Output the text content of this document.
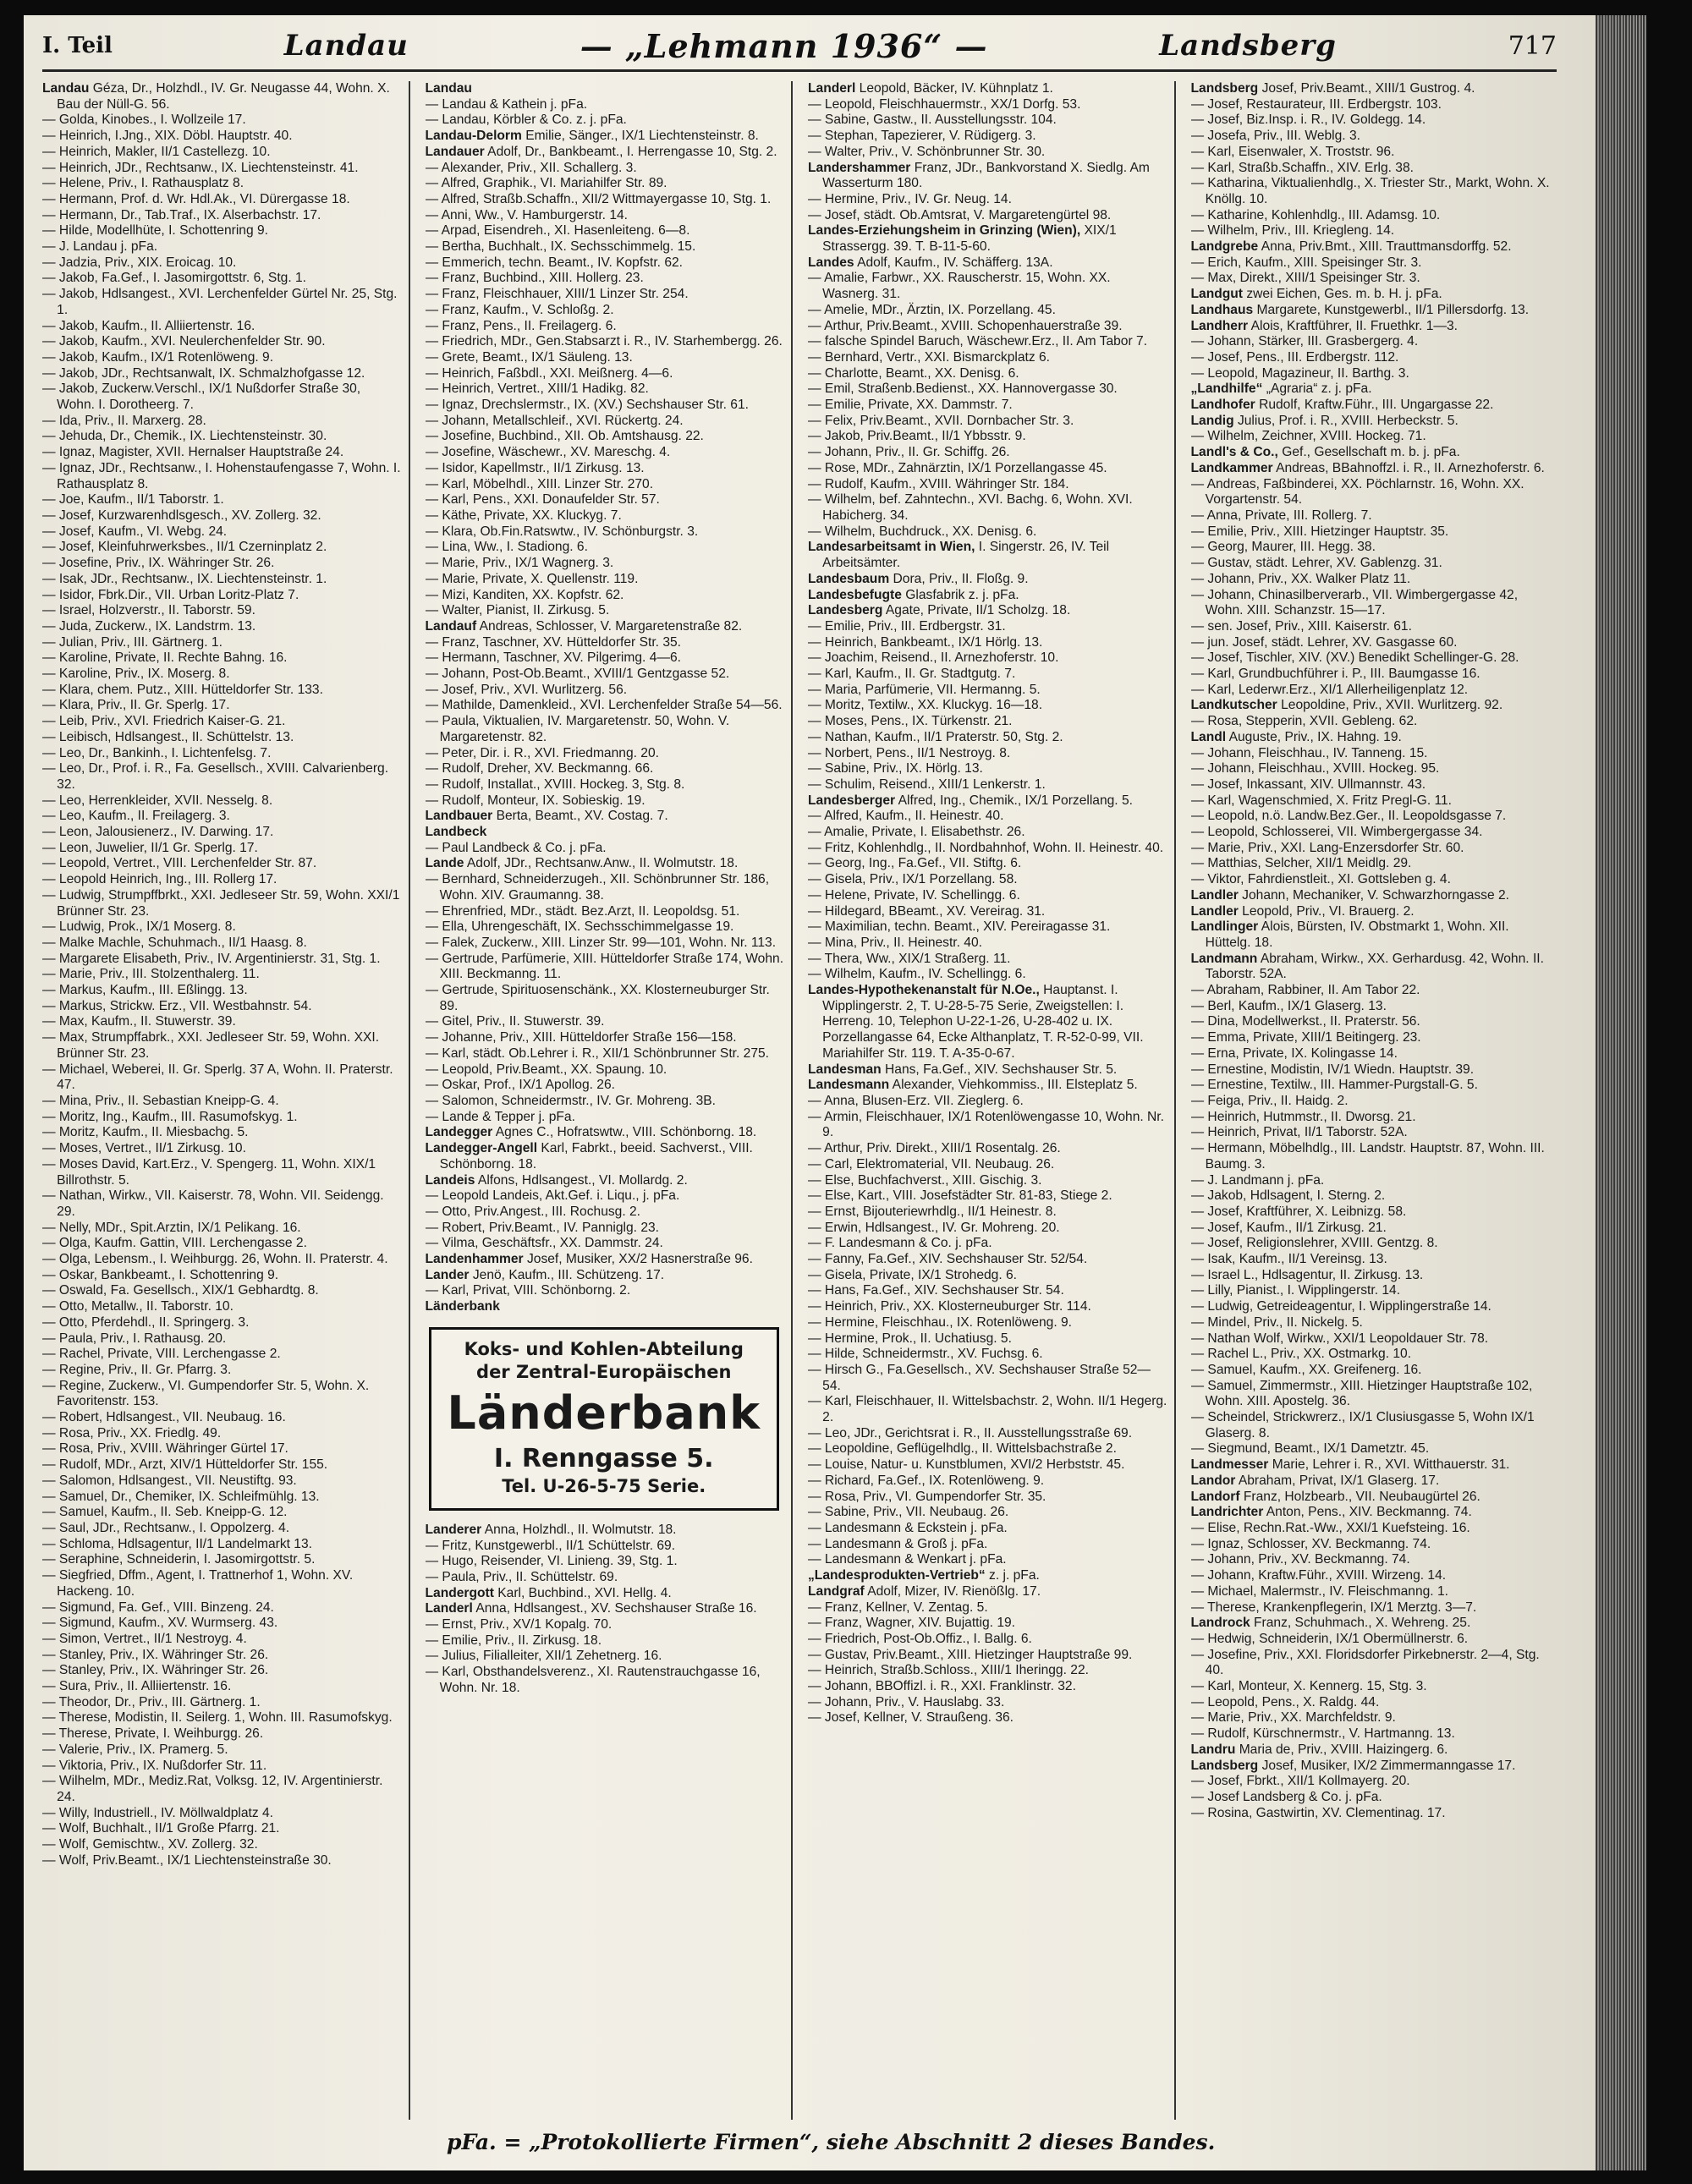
I. Teil	Landau	— „Lehmann 1936“ —	Landsberg	717

Landau Géza, Dr., Holzhdl., IV. Gr. Neugasse 44, Wohn. X. Bau der Nüll-G. 56.

— Golda, Kinobes., I. Wollzeile 17.

— Heinrich, I.Jng., XIX. Döbl. Hauptstr. 40.

— Heinrich, Makler, II/1 Castellezg. 10.

— Heinrich, JDr., Rechtsanw., IX. Liechtensteinstr. 41.

— Helene, Priv., I. Rathausplatz 8.

— Hermann, Prof. d. Wr. Hdl.Ak., VI. Dürergasse 18.

— Hermann, Dr., Tab.Traf., IX. Alserbachstr. 17.

— Hilde, Modellhüte, I. Schottenring 9.

— J. Landau j. pFa.

— Jadzia, Priv., XIX. Eroicag. 10.

— Jakob, Fa.Gef., I. Jasomirgottstr. 6, Stg. 1.

— Jakob, Hdlsangest., XVI. Lerchenfelder Gürtel Nr. 25, Stg. 1.

— Jakob, Kaufm., II. Alliiertenstr. 16.

— Jakob, Kaufm., XVI. Neulerchenfelder Str. 90.

— Jakob, Kaufm., IX/1 Rotenlöweng. 9.

— Jakob, JDr., Rechtsanwalt, IX. Schmalzhofgasse 12.

— Jakob, Zuckerw.Verschl., IX/1 Nußdorfer Straße 30, Wohn. I. Dorotheerg. 7.

— Ida, Priv., II. Marxerg. 28.

— Jehuda, Dr., Chemik., IX. Liechtensteinstr. 30.

— Ignaz, Magister, XVII. Hernalser Hauptstraße 24.

— Ignaz, JDr., Rechtsanw., I. Hohenstaufengasse 7, Wohn. I. Rathausplatz 8.

— Joe, Kaufm., II/1 Taborstr. 1.

— Josef, Kurzwarenhdlsgesch., XV. Zollerg. 32.

— Josef, Kaufm., VI. Webg. 24.

— Josef, Kleinfuhrwerksbes., II/1 Czerninplatz 2.

— Josefine, Priv., IX. Währinger Str. 26.

— Isak, JDr., Rechtsanw., IX. Liechtensteinstr. 1.

— Isidor, Fbrk.Dir., VII. Urban Loritz-Platz 7.

— Israel, Holzverstr., II. Taborstr. 59.

— Juda, Zuckerw., IX. Landstrm. 13.

— Julian, Priv., III. Gärtnerg. 1.

— Karoline, Private, II. Rechte Bahng. 16.

— Karoline, Priv., IX. Moserg. 8.

— Klara, chem. Putz., XIII. Hütteldorfer Str. 133.

— Klara, Priv., II. Gr. Sperlg. 17.

— Leib, Priv., XVI. Friedrich Kaiser-G. 21.

— Leibisch, Hdlsangest., II. Schüttelstr. 13.

— Leo, Dr., Bankinh., I. Lichtenfelsg. 7.

— Leo, Dr., Prof. i. R., Fa. Gesellsch., XVIII. Calvarienberg. 32.

— Leo, Herrenkleider, XVII. Nesselg. 8.

— Leo, Kaufm., II. Freilagerg. 3.

— Leon, Jalousienerz., IV. Darwing. 17.

— Leon, Juwelier, II/1 Gr. Sperlg. 17.

— Leopold, Vertret., VIII. Lerchenfelder Str. 87.

— Leopold Heinrich, Ing., III. Rollerg 17.

— Ludwig, Strumpffbrkt., XXI. Jedleseer Str. 59, Wohn. XXI/1 Brünner Str. 23.

— Ludwig, Prok., IX/1 Moserg. 8.

— Malke Machle, Schuhmach., II/1 Haasg. 8.

— Margarete Elisabeth, Priv., IV. Argentinierstr. 31, Stg. 1.

— Marie, Priv., III. Stolzenthalerg. 11.

— Markus, Kaufm., III. Eßlingg. 13.

— Markus, Strickw. Erz., VII. Westbahnstr. 54.

— Max, Kaufm., II. Stuwerstr. 39.

— Max, Strumpffabrk., XXI. Jedleseer Str. 59, Wohn. XXI. Brünner Str. 23.

— Michael, Weberei, II. Gr. Sperlg. 37 A, Wohn. II. Praterstr. 47.

— Mina, Priv., II. Sebastian Kneipp-G. 4.

— Moritz, Ing., Kaufm., III. Rasumofskyg. 1.

— Moritz, Kaufm., II. Miesbachg. 5.

— Moses, Vertret., II/1 Zirkusg. 10.

— Moses David, Kart.Erz., V. Spengerg. 11, Wohn. XIX/1 Billrothstr. 5.

— Nathan, Wirkw., VII. Kaiserstr. 78, Wohn. VII. Seidengg. 29.

— Nelly, MDr., Spit.Arztin, IX/1 Pelikang. 16.

— Olga, Kaufm. Gattin, VIII. Lerchengasse 2.

— Olga, Lebensm., I. Weihburgg. 26, Wohn. II. Praterstr. 4.

— Oskar, Bankbeamt., I. Schottenring 9.

— Oswald, Fa. Gesellsch., XIX/1 Gebhardtg. 8.

— Otto, Metallw., II. Taborstr. 10.

— Otto, Pferdehdl., II. Springerg. 3.

— Paula, Priv., I. Rathausg. 20.

— Rachel, Private, VIII. Lerchengasse 2.

— Regine, Priv., II. Gr. Pfarrg. 3.

— Regine, Zuckerw., VI. Gumpendorfer Str. 5, Wohn. X. Favoritenstr. 153.

— Robert, Hdlsangest., VII. Neubaug. 16.

— Rosa, Priv., XX. Friedlg. 49.

— Rosa, Priv., XVIII. Währinger Gürtel 17.

— Rudolf, MDr., Arzt, XIV/1 Hütteldorfer Str. 155.

— Salomon, Hdlsangest., VII. Neustiftg. 93.

— Samuel, Dr., Chemiker, IX. Schleifmühlg. 13.

— Samuel, Kaufm., II. Seb. Kneipp-G. 12.

— Saul, JDr., Rechtsanw., I. Oppolzerg. 4.

— Schloma, Hdlsagentur, II/1 Landelmarkt 13.

— Seraphine, Schneiderin, I. Jasomirgottstr. 5.

— Siegfried, Dffm., Agent, I. Trattnerhof 1, Wohn. XV. Hackeng. 10.

— Sigmund, Fa. Gef., VIII. Binzeng. 24.

— Sigmund, Kaufm., XV. Wurmserg. 43.

— Simon, Vertret., II/1 Nestroyg. 4.

— Stanley, Priv., IX. Währinger Str. 26.

— Stanley, Priv., IX. Währinger Str. 26.

— Sura, Priv., II. Alliiertenstr. 16.

— Theodor, Dr., Priv., III. Gärtnerg. 1.

— Therese, Modistin, II. Seilerg. 1, Wohn. III. Rasumofskyg.

— Therese, Private, I. Weihburgg. 26.

— Valerie, Priv., IX. Pramerg. 5.

— Viktoria, Priv., IX. Nußdorfer Str. 11.

— Wilhelm, MDr., Mediz.Rat, Volksg. 12, IV. Argentinierstr. 24.

— Willy, Industriell., IV. Möllwaldplatz 4.

— Wolf, Buchhalt., II/1 Große Pfarrg. 21.

— Wolf, Gemischtw., XV. Zollerg. 32.

— Wolf, Priv.Beamt., IX/1 Liechtensteinstraße 30.

Landau

— Landau & Kathein j. pFa.

— Landau, Körbler & Co. z. j. pFa.

Landau-Delorm Emilie, Sänger., IX/1 Liechtensteinstr. 8.

Landauer Adolf, Dr., Bankbeamt., I. Herrengasse 10, Stg. 2.

— Alexander, Priv., XII. Schallerg. 3.

— Alfred, Graphik., VI. Mariahilfer Str. 89.

— Alfred, Straßb.Schaffn., XII/2 Wittmayergasse 10, Stg. 1.

— Anni, Ww., V. Hamburgerstr. 14.

— Arpad, Eisendreh., XI. Hasenleiteng. 6—8.

— Bertha, Buchhalt., IX. Sechsschimmelg. 15.

— Emmerich, techn. Beamt., IV. Kopfstr. 62.

— Franz, Buchbind., XIII. Hollerg. 23.

— Franz, Fleischhauer, XIII/1 Linzer Str. 254.

— Franz, Kaufm., V. Schloßg. 2.

— Franz, Pens., II. Freilagerg. 6.

— Friedrich, MDr., Gen.Stabsarzt i. R., IV. Starhembergg. 26.

— Grete, Beamt., IX/1 Säuleng. 13.

— Heinrich, Faßbdl., XXI. Meißnerg. 4—6.

— Heinrich, Vertret., XIII/1 Hadikg. 82.

— Ignaz, Drechslermstr., IX. (XV.) Sechshauser Str. 61.

— Johann, Metallschleif., XVI. Rückertg. 24.

— Josefine, Buchbind., XII. Ob. Amtshausg. 22.

— Josefine, Wäschewr., XV. Mareschg. 4.

— Isidor, Kapellmstr., II/1 Zirkusg. 13.

— Karl, Möbelhdl., XIII. Linzer Str. 270.

— Karl, Pens., XXI. Donaufelder Str. 57.

— Käthe, Private, XX. Kluckyg. 7.

— Klara, Ob.Fin.Ratswtw., IV. Schönburgstr. 3.

— Lina, Ww., I. Stadiong. 6.

— Marie, Priv., IX/1 Wagnerg. 3.

— Marie, Private, X. Quellenstr. 119.

— Mizi, Kanditen, XX. Kopfstr. 62.

— Walter, Pianist, II. Zirkusg. 5.

Landauf Andreas, Schlosser, V. Margaretenstraße 82.

— Franz, Taschner, XV. Hütteldorfer Str. 35.

— Hermann, Taschner, XV. Pilgerimg. 4—6.

— Johann, Post-Ob.Beamt., XVIII/1 Gentzgasse 52.

— Josef, Priv., XVI. Wurlitzerg. 56.

— Mathilde, Damenkleid., XVI. Lerchenfelder Straße 54—56.

— Paula, Viktualien, IV. Margaretenstr. 50, Wohn. V. Margaretenstr. 82.

— Peter, Dir. i. R., XVI. Friedmanng. 20.

— Rudolf, Dreher, XV. Beckmanng. 66.

— Rudolf, Installat., XVIII. Hockeg. 3, Stg. 8.

— Rudolf, Monteur, IX. Sobieskig. 19.

Landbauer Berta, Beamt., XV. Costag. 7.

Landbeck

— Paul Landbeck & Co. j. pFa.

Lande Adolf, JDr., Rechtsanw.Anw., II. Wolmutstr. 18.

— Bernhard, Schneiderzugeh., XII. Schönbrunner Str. 186, Wohn. XIV. Graumanng. 38.

— Ehrenfried, MDr., städt. Bez.Arzt, II. Leopoldsg. 51.

— Ella, Uhrengeschäft, IX. Sechsschimmelgasse 19.

— Falek, Zuckerw., XIII. Linzer Str. 99—101, Wohn. Nr. 113.

— Gertrude, Parfümerie, XIII. Hütteldorfer Straße 174, Wohn. XIII. Beckmanng. 11.

— Gertrude, Spirituosenschänk., XX. Klosterneuburger Str. 89.

— Gitel, Priv., II. Stuwerstr. 39.

— Johanne, Priv., XIII. Hütteldorfer Straße 156—158.

— Karl, städt. Ob.Lehrer i. R., XII/1 Schönbrunner Str. 275.

— Leopold, Priv.Beamt., XX. Spaung. 10.

— Oskar, Prof., IX/1 Apollog. 26.

— Salomon, Schneidermstr., IV. Gr. Mohreng. 3B.

— Lande & Tepper j. pFa.

Landegger Agnes C., Hofratswtw., VIII. Schönborng. 18.

Landegger-Angell Karl, Fabrkt., beeid. Sachverst., VIII. Schönborng. 18.

Landeis Alfons, Hdlsangest., VI. Mollardg. 2.

— Leopold Landeis, Akt.Gef. i. Liqu., j. pFa.

— Otto, Priv.Angest., III. Rochusg. 2.

— Robert, Priv.Beamt., IV. Panniglg. 23.

— Vilma, Geschäftsfr., XX. Dammstr. 24.

Landenhammer Josef, Musiker, XX/2 Hasnerstraße 96.

Lander Jenö, Kaufm., III. Schützeng. 17.

— Karl, Privat, VIII. Schönborng. 2.

Länderbank

Koks- und Kohlen-Abteilung
der Zentral-Europäischen
Länderbank
I. Renngasse 5.
Tel. U-26-5-75 Serie.

Landerer Anna, Holzhdl., II. Wolmutstr. 18.

— Fritz, Kunstgewerbl., II/1 Schüttelstr. 69.

— Hugo, Reisender, VI. Linieng. 39, Stg. 1.

— Paula, Priv., II. Schüttelstr. 69.

Landergott Karl, Buchbind., XVI. Hellg. 4.

Landerl Anna, Hdlsangest., XV. Sechshauser Straße 16.

— Ernst, Priv., XV/1 Kopalg. 70.

— Emilie, Priv., II. Zirkusg. 18.

— Julius, Filialleiter, XII/1 Zehetnerg. 16.

— Karl, Obsthandelsverenz., XI. Rautenstrauchgasse 16, Wohn. Nr. 18.

Landerl Leopold, Bäcker, IV. Kühnplatz 1.

— Leopold, Fleischhauermstr., XX/1 Dorfg. 53.

— Sabine, Gastw., II. Ausstellungsstr. 104.

— Stephan, Tapezierer, V. Rüdigerg. 3.

— Walter, Priv., V. Schönbrunner Str. 30.

Landershammer Franz, JDr., Bankvorstand X. Siedlg. Am Wasserturm 180.

— Hermine, Priv., IV. Gr. Neug. 14.

— Josef, städt. Ob.Amtsrat, V. Margaretengürtel 98.

Landes-Erziehungsheim in Grinzing (Wien), XIX/1 Strassergg. 39. T. B-11-5-60.

Landes Adolf, Kaufm., IV. Schäfferg. 13A.

— Amalie, Farbwr., XX. Rauscherstr. 15, Wohn. XX. Wasnerg. 31.

— Amelie, MDr., Ärztin, IX. Porzellang. 45.

— Arthur, Priv.Beamt., XVIII. Schopenhauerstraße 39.

— falsche Spindel Baruch, Wäschewr.Erz., II. Am Tabor 7.

— Bernhard, Vertr., XXI. Bismarckplatz 6.

— Charlotte, Beamt., XX. Denisg. 6.

— Emil, Straßenb.Bedienst., XX. Hannovergasse 30.

— Emilie, Private, XX. Dammstr. 7.

— Felix, Priv.Beamt., XVII. Dornbacher Str. 3.

— Jakob, Priv.Beamt., II/1 Ybbsstr. 9.

— Johann, Priv., II. Gr. Schiffg. 26.

— Rose, MDr., Zahnärztin, IX/1 Porzellangasse 45.

— Rudolf, Kaufm., XVIII. Währinger Str. 184.

— Wilhelm, bef. Zahntechn., XVI. Bachg. 6, Wohn. XVI. Habicherg. 34.

— Wilhelm, Buchdruck., XX. Denisg. 6.

Landesarbeitsamt in Wien, I. Singerstr. 26, IV. Teil Arbeitsämter.

Landesbaum Dora, Priv., II. Floßg. 9.

Landesbefugte Glasfabrik z. j. pFa.

Landesberg Agate, Private, II/1 Scholzg. 18.

— Emilie, Priv., III. Erdbergstr. 31.

— Heinrich, Bankbeamt., IX/1 Hörlg. 13.

— Joachim, Reisend., II. Arnezhoferstr. 10.

— Karl, Kaufm., II. Gr. Stadtgutg. 7.

— Maria, Parfümerie, VII. Hermanng. 5.

— Moritz, Textilw., XX. Kluckyg. 16—18.

— Moses, Pens., IX. Türkenstr. 21.

— Nathan, Kaufm., II/1 Praterstr. 50, Stg. 2.

— Norbert, Pens., II/1 Nestroyg. 8.

— Sabine, Priv., IX. Hörlg. 13.

— Schulim, Reisend., XIII/1 Lenkerstr. 1.

Landesberger Alfred, Ing., Chemik., IX/1 Porzellang. 5.

— Alfred, Kaufm., II. Heinestr. 40.

— Amalie, Private, I. Elisabethstr. 26.

— Fritz, Kohlenhdlg., II. Nordbahnhof, Wohn. II. Heinestr. 40.

— Georg, Ing., Fa.Gef., VII. Stiftg. 6.

— Gisela, Priv., IX/1 Porzellang. 58.

— Helene, Private, IV. Schellingg. 6.

— Hildegard, BBeamt., XV. Vereirag. 31.

— Maximilian, techn. Beamt., XIV. Pereiragasse 31.

— Mina, Priv., II. Heinestr. 40.

— Thera, Ww., XIX/1 Straßerg. 11.

— Wilhelm, Kaufm., IV. Schellingg. 6.

Landes-Hypothekenanstalt für N.Oe., Hauptanst. I. Wipplingerstr. 2, T. U-28-5-75 Serie, Zweigstellen: I. Herreng. 10, Telephon U-22-1-26, U-28-402 u. IX. Porzellangasse 64, Ecke Althanplatz, T. R-52-0-99, VII. Mariahilfer Str. 119. T. A-35-0-67.

Landesman Hans, Fa.Gef., XIV. Sechshauser Str. 5.

Landesmann Alexander, Viehkommiss., III. Elsteplatz 5.

— Anna, Blusen-Erz. VII. Zieglerg. 6.

— Armin, Fleischhauer, IX/1 Rotenlöwengasse 10, Wohn. Nr. 9.

— Arthur, Priv. Direkt., XIII/1 Rosentalg. 26.

— Carl, Elektromaterial, VII. Neubaug. 26.

— Else, Buchfachverst., XIII. Gischig. 3.

— Else, Kart., VIII. Josefstädter Str. 81-83, Stiege 2.

— Ernst, Bijouteriewrhdlg., II/1 Heinestr. 8.

— Erwin, Hdlsangest., IV. Gr. Mohreng. 20.

— F. Landesmann & Co. j. pFa.

— Fanny, Fa.Gef., XIV. Sechshauser Str. 52/54.

— Gisela, Private, IX/1 Strohedg. 6.

— Hans, Fa.Gef., XIV. Sechshauser Str. 54.

— Heinrich, Priv., XX. Klosterneuburger Str. 114.

— Hermine, Fleischhau., IX. Rotenlöweng. 9.

— Hermine, Prok., II. Uchatiusg. 5.

— Hilde, Schneidermstr., XV. Fuchsg. 6.

— Hirsch G., Fa.Gesellsch., XV. Sechshauser Straße 52—54.

— Karl, Fleischhauer, II. Wittelsbachstr. 2, Wohn. II/1 Hegerg. 2.

— Leo, JDr., Gerichtsrat i. R., II. Ausstellungsstraße 69.

— Leopoldine, Geflügelhdlg., II. Wittelsbachstraße 2.

— Louise, Natur- u. Kunstblumen, XVI/2 Herbststr. 45.

— Richard, Fa.Gef., IX. Rotenlöweng. 9.

— Rosa, Priv., VI. Gumpendorfer Str. 35.

— Sabine, Priv., VII. Neubaug. 26.

— Landesmann & Eckstein j. pFa.

— Landesmann & Groß j. pFa.

— Landesmann & Wenkart j. pFa.

„Landesprodukten-Vertrieb“ z. j. pFa.

Landgraf Adolf, Mizer, IV. Rienößlg. 17.

— Franz, Kellner, V. Zentag. 5.

— Franz, Wagner, XIV. Bujattig. 19.

— Friedrich, Post-Ob.Offiz., I. Ballg. 6.

— Gustav, Priv.Beamt., XIII. Hietzinger Hauptstraße 99.

— Heinrich, Straßb.Schloss., XIII/1 Iheringg. 22.

— Johann, BBOffizl. i. R., XXI. Franklinstr. 32.

— Johann, Priv., V. Hauslabg. 33.

— Josef, Kellner, V. Straußeng. 36.

Landsberg Josef, Priv.Beamt., XIII/1 Gustrog. 4.

— Josef, Restaurateur, III. Erdbergstr. 103.

— Josef, Biz.Insp. i. R., IV. Goldegg. 14.

— Josefa, Priv., III. Weblg. 3.

— Karl, Eisenwaler, X. Troststr. 96.

— Karl, Straßb.Schaffn., XIV. Erlg. 38.

— Katharina, Viktualienhdlg., X. Triester Str., Markt, Wohn. X. Knöllg. 10.

— Katharine, Kohlenhdlg., III. Adamsg. 10.

— Wilhelm, Priv., III. Kriegleng. 14.

Landgrebe Anna, Priv.Bmt., XIII. Trauttmansdorffg. 52.

— Erich, Kaufm., XIII. Speisinger Str. 3.

— Max, Direkt., XIII/1 Speisinger Str. 3.

Landgut zwei Eichen, Ges. m. b. H. j. pFa.

Landhaus Margarete, Kunstgewerbl., II/1 Pillersdorfg. 13.

Landherr Alois, Kraftführer, II. Fruethkr. 1—3.

— Johann, Stärker, III. Grasbergerg. 4.

— Josef, Pens., III. Erdbergstr. 112.

— Leopold, Magazineur, II. Barthg. 3.

„Landhilfe“ „Agraria“ z. j. pFa.

Landhofer Rudolf, Kraftw.Führ., III. Ungargasse 22.

Landig Julius, Prof. i. R., XVIII. Herbeckstr. 5.

— Wilhelm, Zeichner, XVIII. Hockeg. 71.

Landl's & Co., Gef., Gesellschaft m. b. j. pFa.

Landkammer Andreas, BBahnoffzl. i. R., II. Arnezhoferstr. 6.

— Andreas, Faßbinderei, XX. Pöchlarnstr. 16, Wohn. XX. Vorgartenstr. 54.

— Anna, Private, III. Rollerg. 7.

— Emilie, Priv., XIII. Hietzinger Hauptstr. 35.

— Georg, Maurer, III. Hegg. 38.

— Gustav, städt. Lehrer, XV. Gablenzg. 31.

— Johann, Priv., XX. Walker Platz 11.

— Johann, Chinasilberverarb., VII. Wimbergergasse 42, Wohn. XIII. Schanzstr. 15—17.

— sen. Josef, Priv., XIII. Kaiserstr. 61.

— jun. Josef, städt. Lehrer, XV. Gasgasse 60.

— Josef, Tischler, XIV. (XV.) Benedikt Schellinger-G. 28.

— Karl, Grundbuchführer i. P., III. Baumgasse 16.

— Karl, Lederwr.Erz., XI/1 Allerheiligenplatz 12.

Landkutscher Leopoldine, Priv., XVII. Wurlitzerg. 92.

— Rosa, Stepperin, XVII. Gebleng. 62.

Landl Auguste, Priv., IX. Hahng. 19.

— Johann, Fleischhau., IV. Tanneng. 15.

— Johann, Fleischhau., XVIII. Hockeg. 95.

— Josef, Inkassant, XIV. Ullmannstr. 43.

— Karl, Wagenschmied, X. Fritz Pregl-G. 11.

— Leopold, n.ö. Landw.Bez.Ger., II. Leopoldsgasse 7.

— Leopold, Schlosserei, VII. Wimbergergasse 34.

— Marie, Priv., XXI. Lang-Enzersdorfer Str. 60.

— Matthias, Selcher, XII/1 Meidlg. 29.

— Viktor, Fahrdienstleit., XI. Gottsleben g. 4.

Landler Johann, Mechaniker, V. Schwarzhorngasse 2.

Landler Leopold, Priv., VI. Brauerg. 2.

Landlinger Alois, Bürsten, IV. Obstmarkt 1, Wohn. XII. Hüttelg. 18.

Landmann Abraham, Wirkw., XX. Gerhardusg. 42, Wohn. II. Taborstr. 52A.

— Abraham, Rabbiner, II. Am Tabor 22.

— Berl, Kaufm., IX/1 Glaserg. 13.

— Dina, Modellwerkst., II. Praterstr. 56.

— Emma, Private, XIII/1 Beitingerg. 23.

— Erna, Private, IX. Kolingasse 14.

— Ernestine, Modistin, IV/1 Wiedn. Hauptstr. 39.

— Ernestine, Textilw., III. Hammer-Purgstall-G. 5.

— Feiga, Priv., II. Haidg. 2.

— Heinrich, Hutmmstr., II. Dworsg. 21.

— Heinrich, Privat, II/1 Taborstr. 52A.

— Hermann, Möbelhdlg., III. Landstr. Hauptstr. 87, Wohn. III. Baumg. 3.

— J. Landmann j. pFa.

— Jakob, Hdlsagent, I. Sterng. 2.

— Josef, Kraftführer, X. Leibnizg. 58.

— Josef, Kaufm., II/1 Zirkusg. 21.

— Josef, Religionslehrer, XVIII. Gentzg. 8.

— Isak, Kaufm., II/1 Vereinsg. 13.

— Israel L., Hdlsagentur, II. Zirkusg. 13.

— Lilly, Pianist., I. Wipplingerstr. 14.

— Ludwig, Getreideagentur, I. Wipplingerstraße 14.

— Mindel, Priv., II. Nickelg. 5.

— Nathan Wolf, Wirkw., XXI/1 Leopoldauer Str. 78.

— Rachel L., Priv., XX. Ostmarkg. 10.

— Samuel, Kaufm., XX. Greifenerg. 16.

— Samuel, Zimmermstr., XIII. Hietzinger Hauptstraße 102, Wohn. XIII. Apostelg. 36.

— Scheindel, Strickwrerz., IX/1 Clusiusgasse 5, Wohn IX/1 Glaserg. 8.

— Siegmund, Beamt., IX/1 Dametztr. 45.

Landmesser Marie, Lehrer i. R., XVI. Witthauerstr. 31.

Landor Abraham, Privat, IX/1 Glaserg. 17.

Landorf Franz, Holzbearb., VII. Neubaugürtel 26.

Landrichter Anton, Pens., XIV. Beckmanng. 74.

— Elise, Rechn.Rat.-Ww., XXI/1 Kuefsteing. 16.

— Ignaz, Schlosser, XV. Beckmanng. 74.

— Johann, Priv., XV. Beckmanng. 74.

— Johann, Kraftw.Führ., XVIII. Wirzeng. 14.

— Michael, Malermstr., IV. Fleischmanng. 1.

— Therese, Krankenpflegerin, IX/1 Merztg. 3—7.

Landrock Franz, Schuhmach., X. Wehreng. 25.

— Hedwig, Schneiderin, IX/1 Obermüllnerstr. 6.

— Josefine, Priv., XXI. Floridsdorfer Pirkebnerstr. 2—4, Stg. 40.

— Karl, Monteur, X. Kennerg. 15, Stg. 3.

— Leopold, Pens., X. Raldg. 44.

— Marie, Priv., XX. Marchfeldstr. 9.

— Rudolf, Kürschnermstr., V. Hartmanng. 13.

Landru Maria de, Priv., XVIII. Haizingerg. 6.

Landsberg Josef, Musiker, IX/2 Zimmermanngasse 17.

— Josef, Fbrkt., XII/1 Kollmayerg. 20.

— Josef Landsberg & Co. j. pFa.

— Rosina, Gastwirtin, XV. Clementinag. 17.

pFa. = „Protokollierte Firmen“, siehe Abschnitt 2 dieses Bandes.
